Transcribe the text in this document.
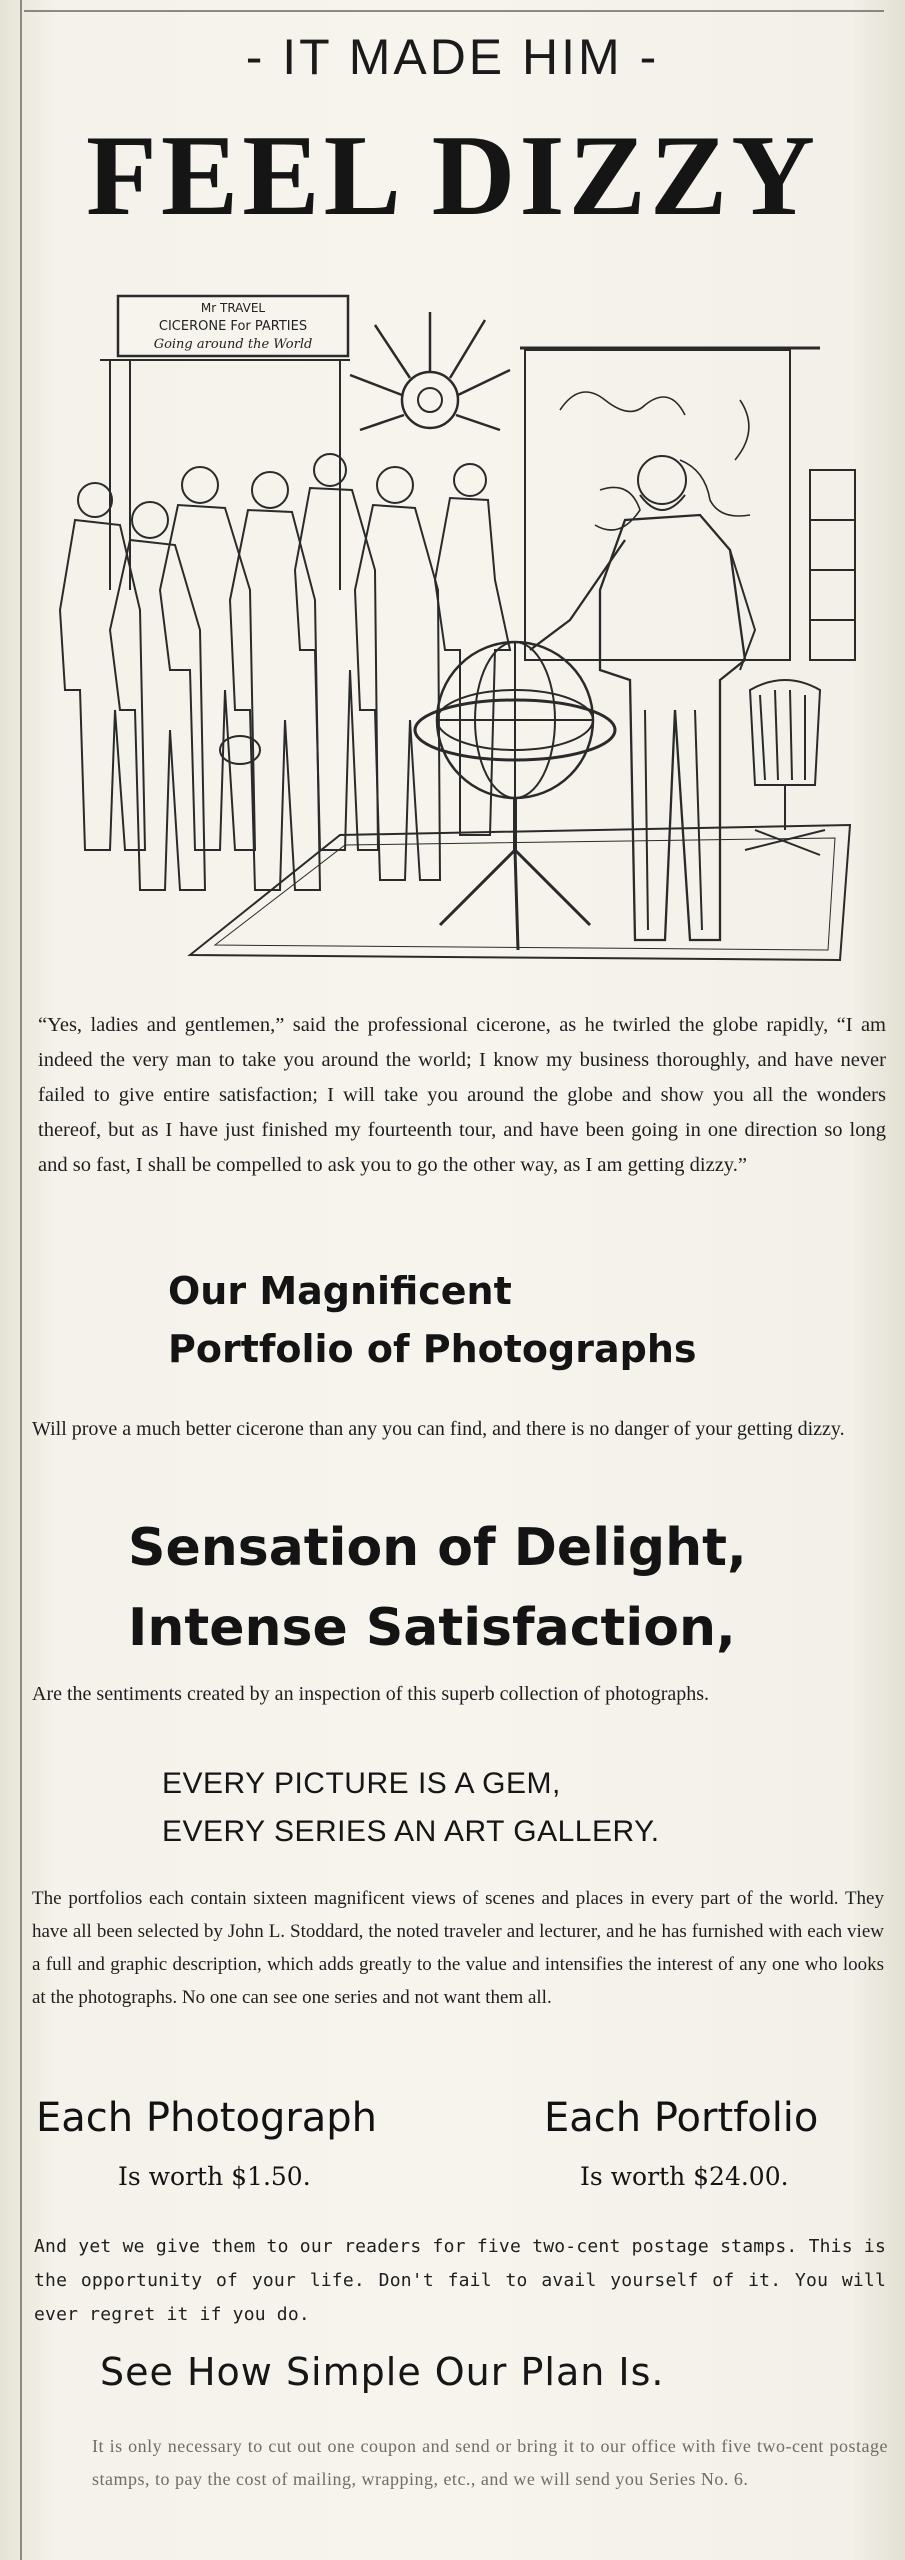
- IT MADE HIM -
FEEL DIZZY
Mr TRAVEL
CICERONE For PARTIES
Going around the World
“Yes, ladies and gentlemen,” said the professional cicerone, as he twirled the globe rapidly, “I am indeed the very man to take you around the world; I know my business thoroughly, and have never failed to give entire satisfaction; I will take you around the globe and show you all the wonders thereof, but as I have just finished my fourteenth tour, and have been going in one direction so long and so fast, I shall be compelled to ask you to go the other way, as I am getting dizzy.”
Our Magnificent
Portfolio of Photographs
Will prove a much better cicerone than any you can find, and there is no danger of your getting dizzy.
Sensation of Delight,
Intense Satisfaction,
Are the sentiments created by an inspection of this superb collection of photographs.
EVERY PICTURE IS A GEM,
EVERY SERIES AN ART GALLERY.
The portfolios each contain sixteen magnificent views of scenes and places in every part of the world. They have all been selected by John L. Stoddard, the noted traveler and lecturer, and he has furnished with each view a full and graphic description, which adds greatly to the value and intensifies the interest of any one who looks at the photographs. No one can see one series and not want them all.
Each Photograph
Is worth $1.50.
Each Portfolio
Is worth $24.00.
And yet we give them to our readers for five two-cent postage stamps. This is the opportunity of your life. Don't fail to avail yourself of it. You will ever regret it if you do.
See How Simple Our Plan Is.
It is only necessary to cut out one coupon and send or bring it to our office with five two-cent postage stamps, to pay the cost of mailing, wrapping, etc., and we will send you Series No. 6.
